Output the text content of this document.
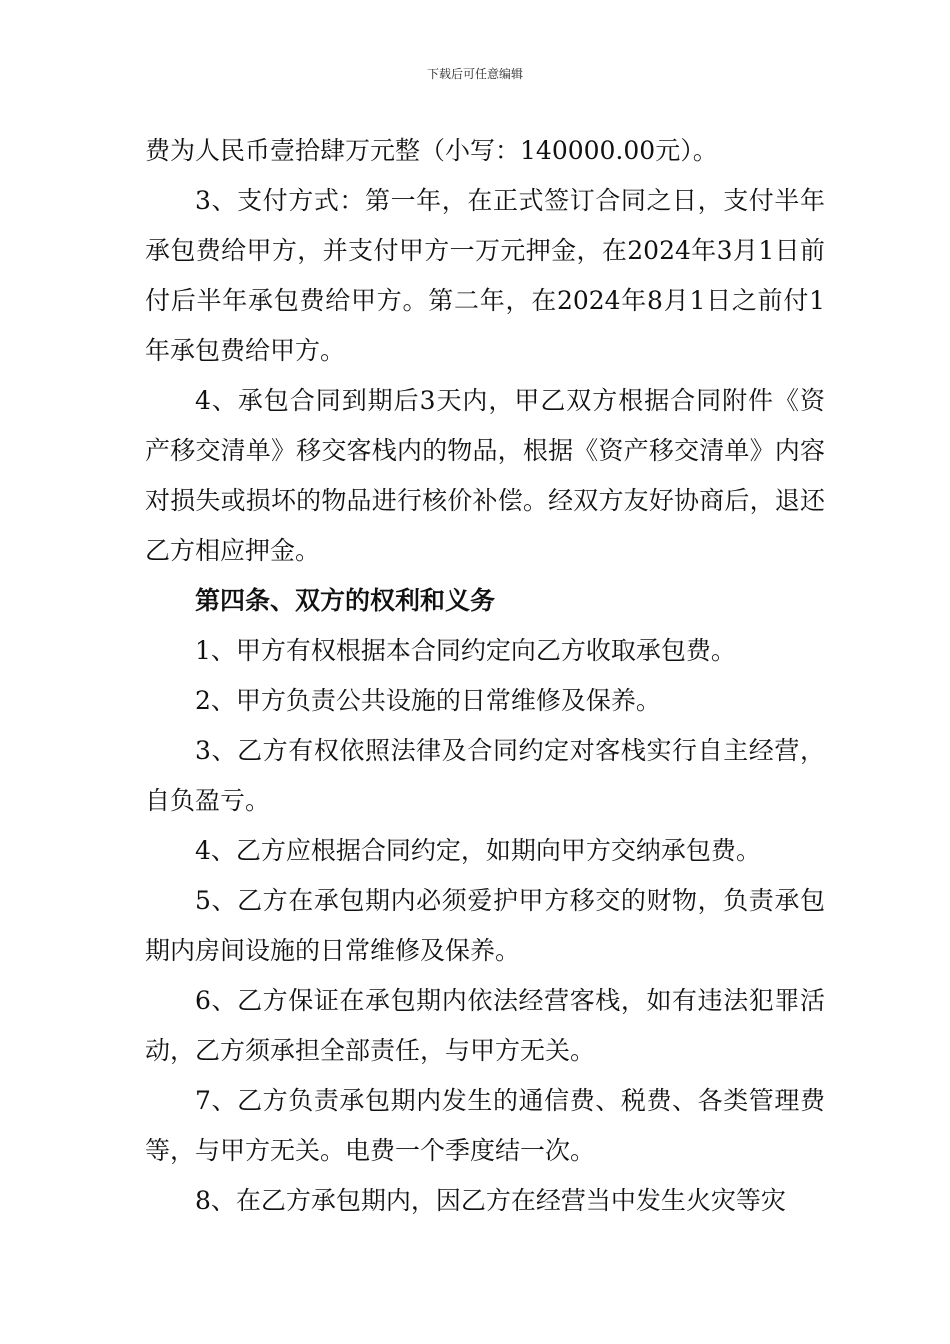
下载后可任意编辑

费为人民币壹拾肆万元整（小写：140000.00元）。

3、支付方式：第一年，在正式签订合同之日，支付半年承包费给甲方，并支付甲方一万元押金，在2024年3月1日前付后半年承包费给甲方。第二年，在2024年8月1日之前付1年承包费给甲方。

4、承包合同到期后3天内，甲乙双方根据合同附件《资产移交清单》移交客栈内的物品，根据《资产移交清单》内容对损失或损坏的物品进行核价补偿。经双方友好协商后，退还乙方相应押金。

第四条、双方的权利和义务

1、甲方有权根据本合同约定向乙方收取承包费。

2、甲方负责公共设施的日常维修及保养。

3、乙方有权依照法律及合同约定对客栈实行自主经营，自负盈亏。

4、乙方应根据合同约定，如期向甲方交纳承包费。

5、乙方在承包期内必须爱护甲方移交的财物，负责承包期内房间设施的日常维修及保养。

6、乙方保证在承包期内依法经营客栈，如有违法犯罪活动，乙方须承担全部责任，与甲方无关。

7、乙方负责承包期内发生的通信费、税费、各类管理费等，与甲方无关。电费一个季度结一次。

8、在乙方承包期内，因乙方在经营当中发生火灾等灾
